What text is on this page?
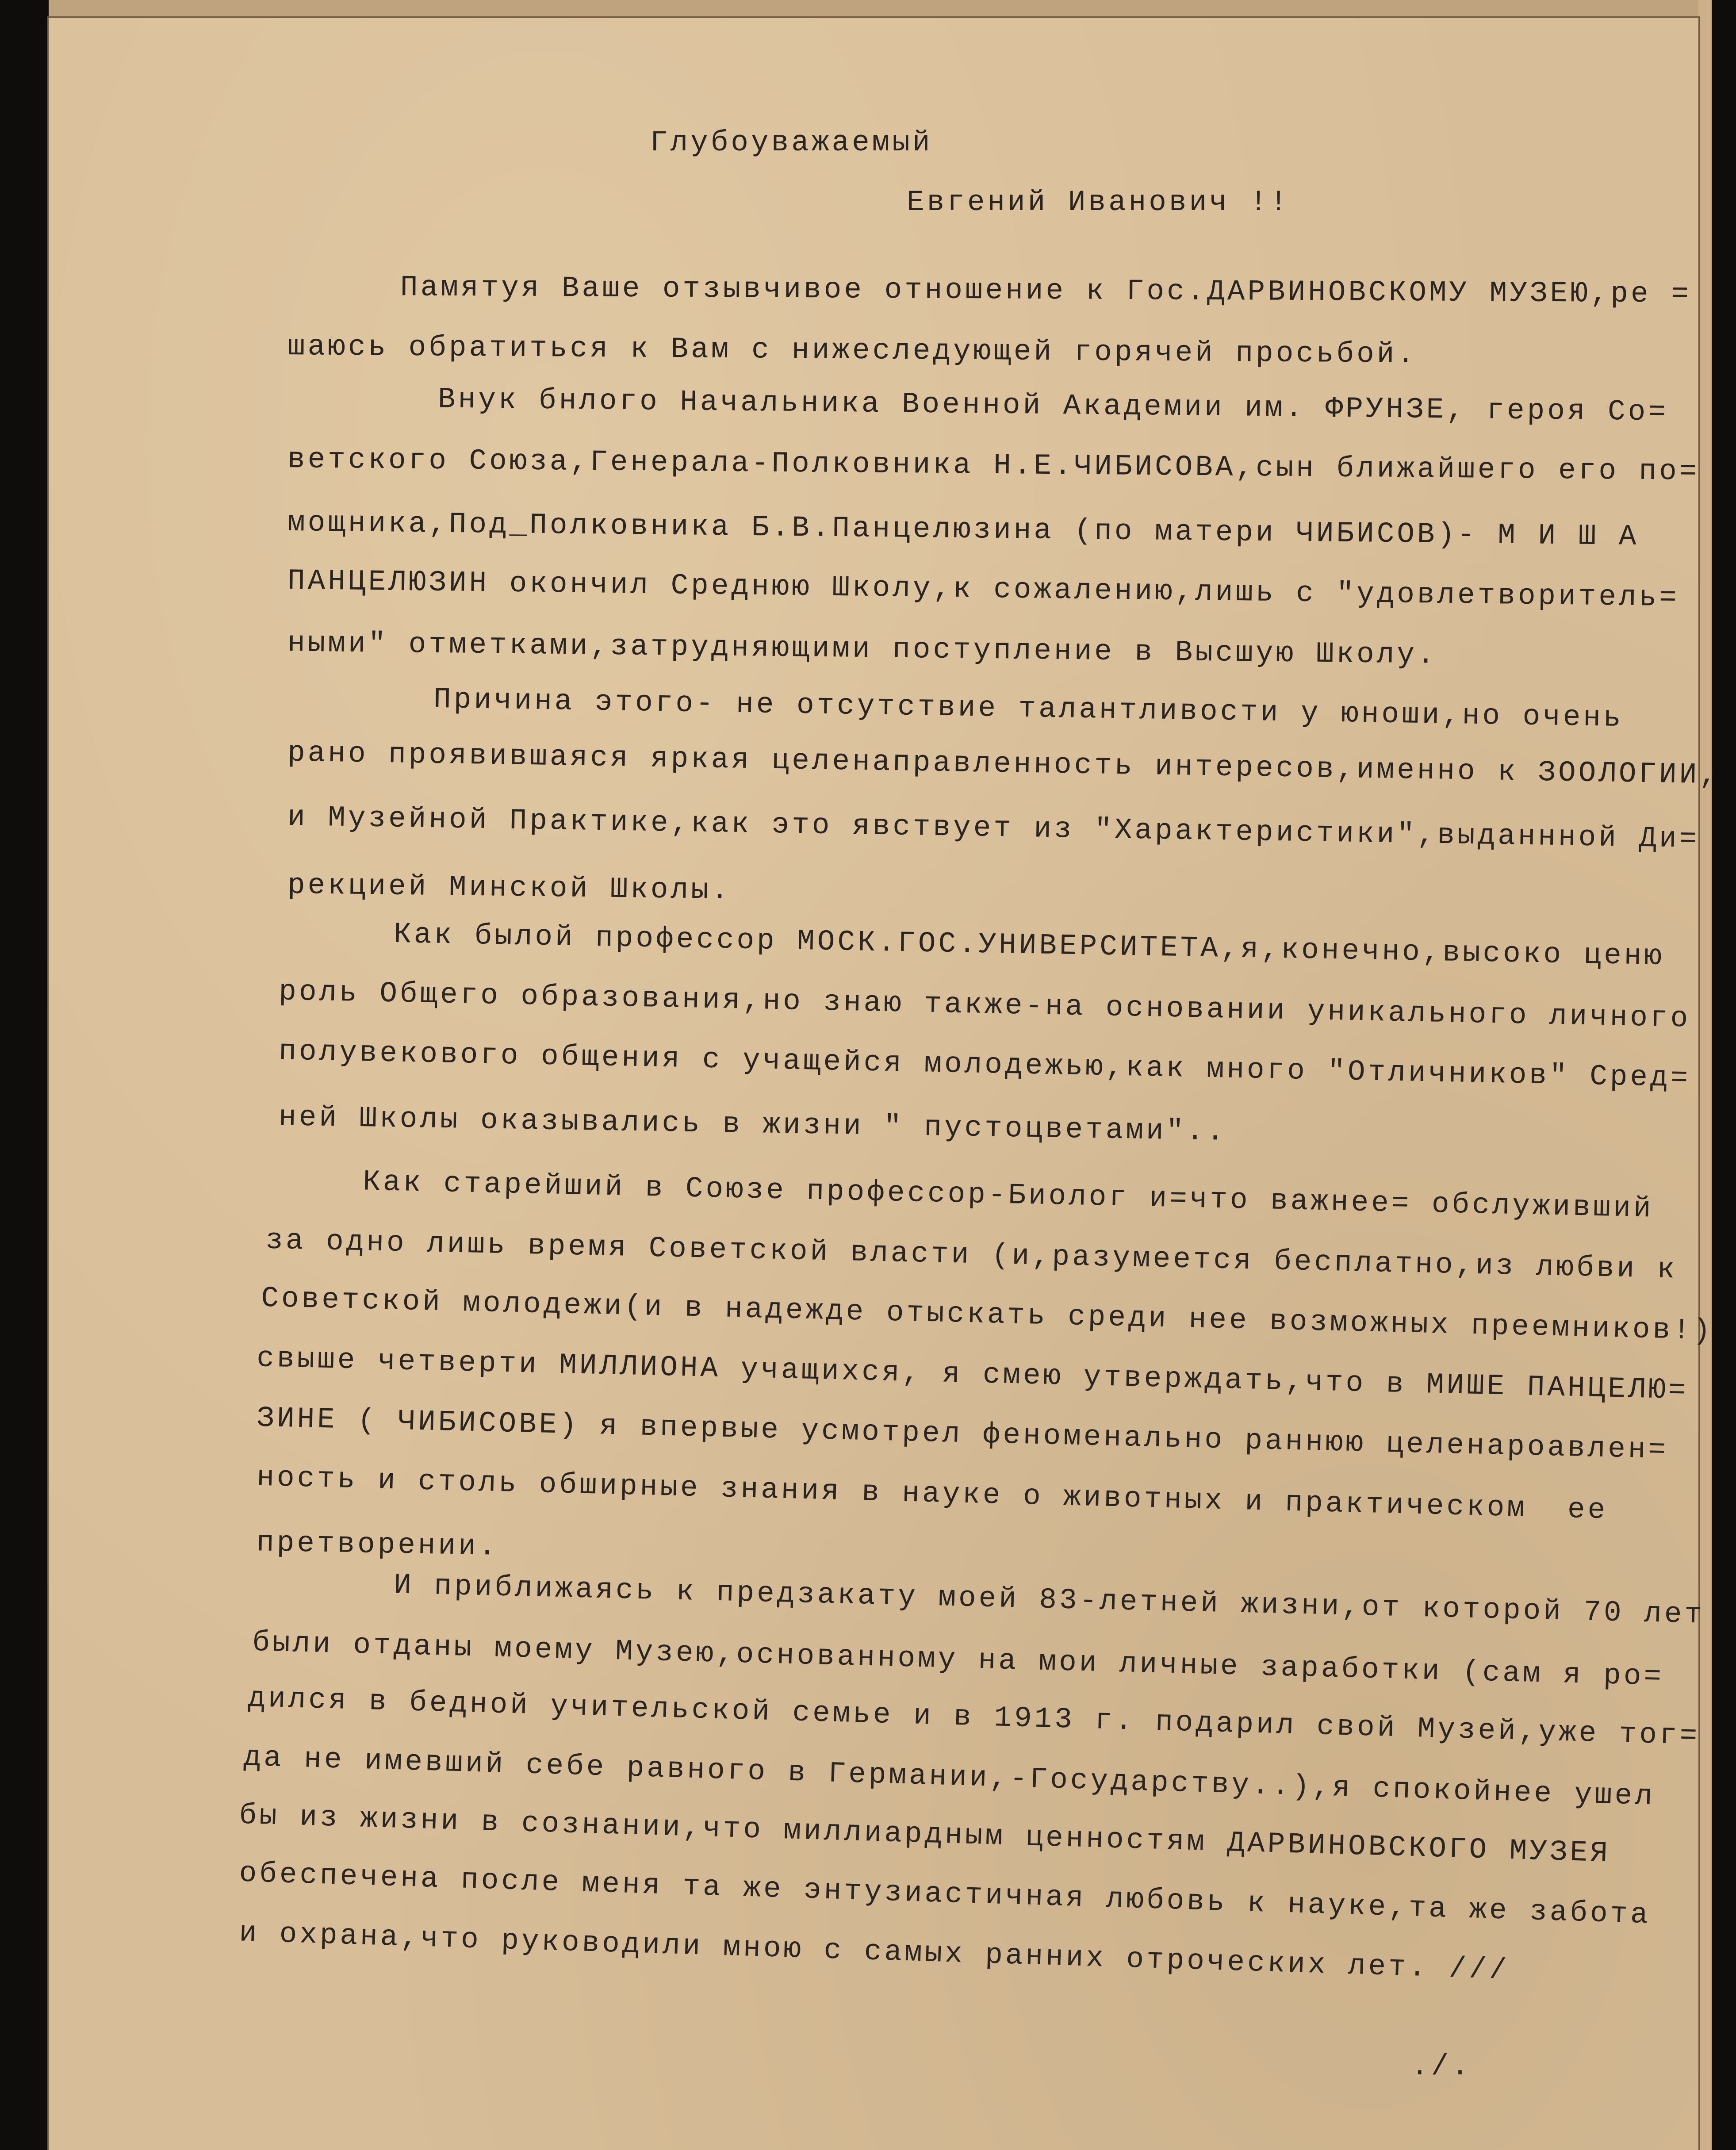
Глубоуважаемый
Евгений Иванович !!
Памятуя Ваше отзывчивое отношение к Гос.ДАРВИНОВСКОМУ МУЗЕЮ,ре =
шаюсь обратиться к Вам с нижеследующей горячей просьбой.
Внук бнлого Начальника Военной Академии им. ФРУНЗЕ, героя Со=
ветского Союза,Генерала-Полковника Н.Е.ЧИБИСОВА,сын ближайшего его по=
мощника,Под_Полковника Б.В.Панцелюзина (по матери ЧИБИСОВ)- М И Ш А
ПАНЦЕЛЮЗИН окончил Среднюю Школу,к сожалению,лишь с "удовлетворитель=
ными" отметками,затрудняющими поступление в Высшую Школу.
Причина этого- не отсутствие талантливости у юноши,но очень
рано проявившаяся яркая целенаправленность интересов,именно к ЗООЛОГИИ,
и Музейной Практике,как это явствует из "Характеристики",выданнной Ди=
рекцией Минской Школы.
Как былой профессор МОСК.ГОС.УНИВЕРСИТЕТА,я,конечно,высоко ценю
роль Общего образования,но знаю также-на основании уникального личного
полувекового общения с учащейся молодежью,как много "Отличников" Сред=
ней Школы оказывались в жизни " пустоцветами"..
Как старейший в Союзе профессор-Биолог и=что важнее= обслуживший
за одно лишь время Советской власти (и,разумеется бесплатно,из любви к
Советской молодежи(и в надежде отыскать среди нее возможных преемников!)
свыше четверти МИЛЛИОНА учащихся, я смею утверждать,что в МИШЕ ПАНЦЕЛЮ=
ЗИНЕ ( ЧИБИСОВЕ) я впервые усмотрел феноменально раннюю целенароавлен=
ность и столь обширные знания в науке о животных и практическом  ее
претворении.
И приближаясь к предзакату моей 83-летней жизни,от которой 70 лет
были отданы моему Музею,основанному на мои личные заработки (сам я ро=
дился в бедной учительской семье и в 1913 г. подарил свой Музей,уже тог=
да не имевший себе равного в Германии,-Государству..),я спокойнее ушел
бы из жизни в сознании,что миллиардным ценностям ДАРВИНОВСКОГО МУЗЕЯ
обеспечена после меня та же энтузиастичная любовь к науке,та же забота
и охрана,что руководили мною с самых ранних отроческих лет. ///
./.
